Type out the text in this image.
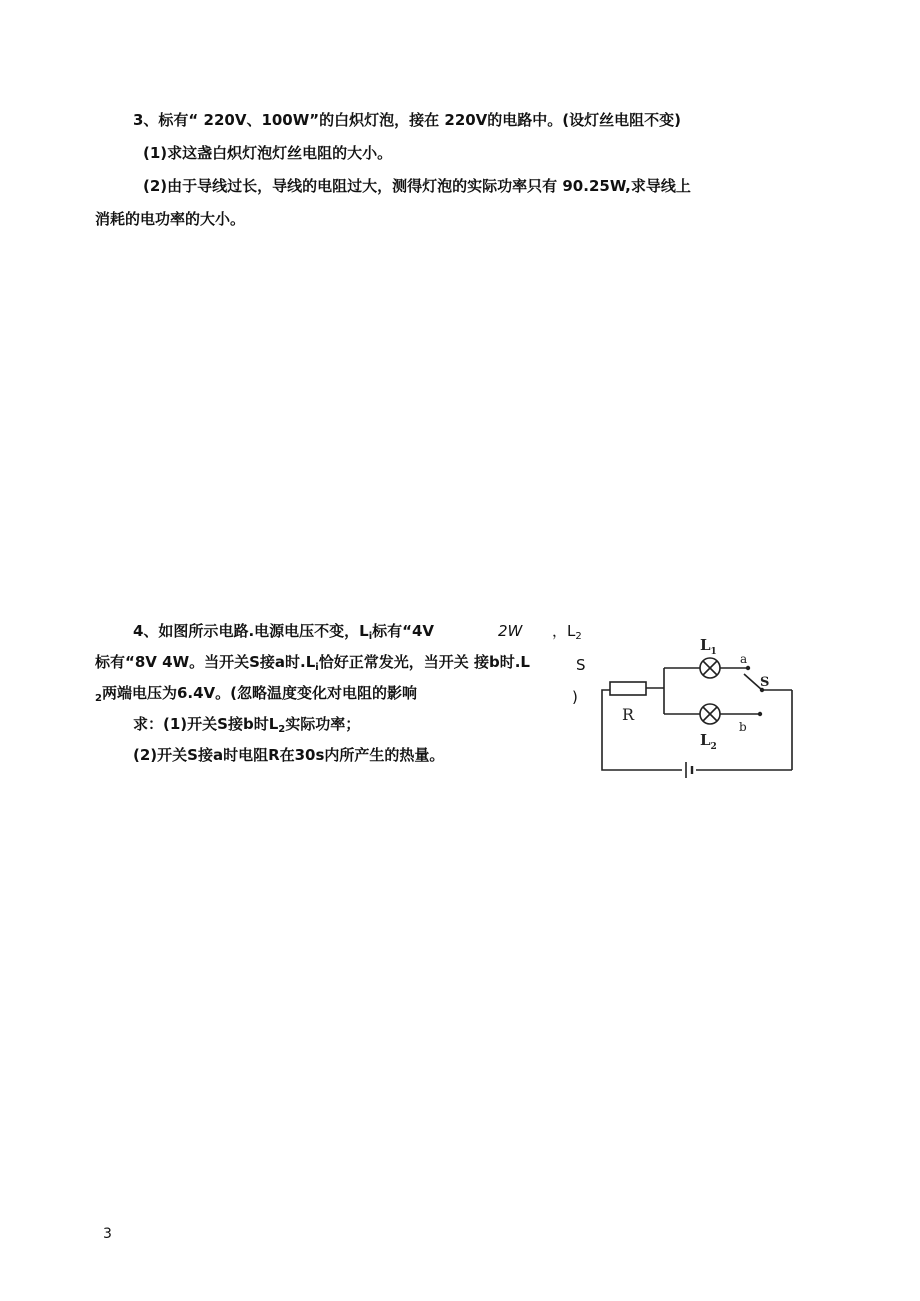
3、标有“ 220V、100W”的白炽灯泡，接在 220V的电路中。(设灯丝电阻不变)
(1)求这盏白炽灯泡灯丝电阻的大小。
(2)由于导线过长，导线的电阻过大，测得灯泡的实际功率只有 90.25W,求导线上
消耗的电功率的大小。
4、如图所示电路.电源电压不变，$L_i$标有“4V	2W ，$L_2$
标有“8V 4W。当开关S接a时$.L_i$恰好正常发光，当开关 接b时.L	S
$_2$两端电压为6.4V。(忽略温度变化对电阻的影响	)
求：(1)开关S接b时$L_2$实际功率；
(2)开关S接a时电阻R在30s内所产生的热量。
R
$L_1$
$L_2$
a
b
S
3
